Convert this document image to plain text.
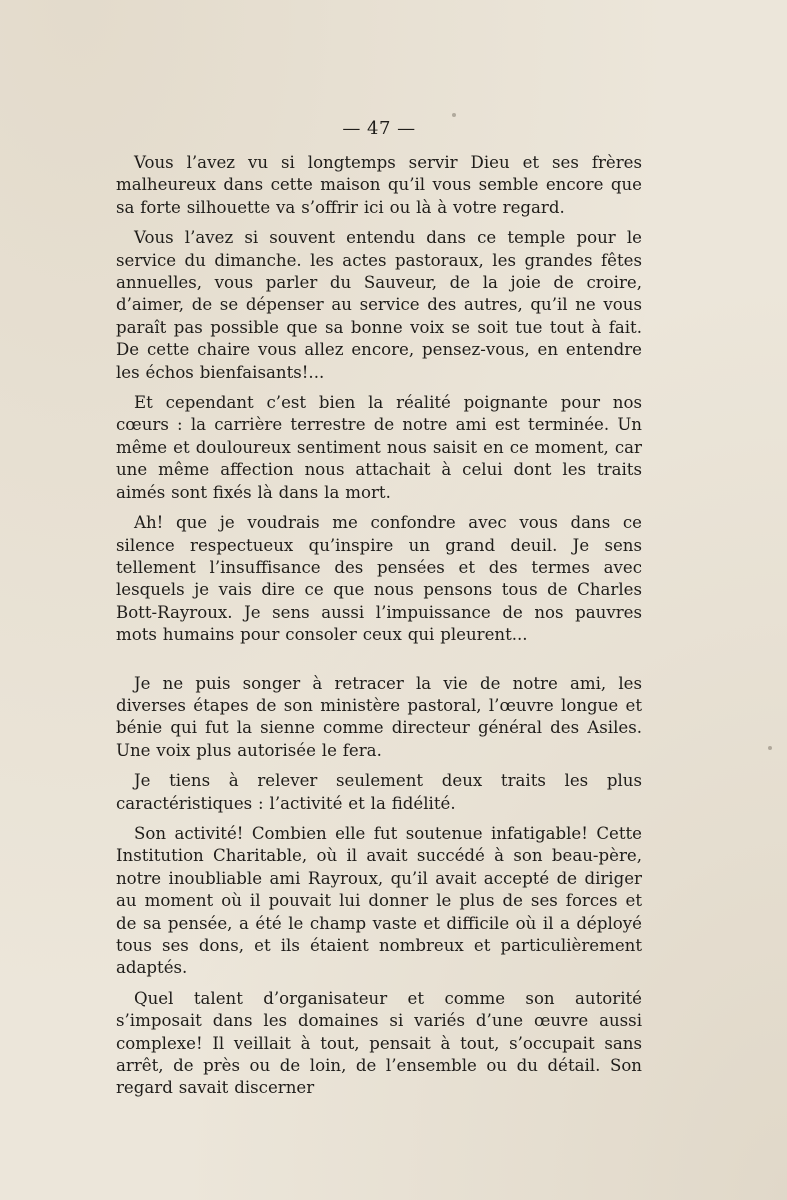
— 47 —

Vous l’avez vu si longtemps servir Dieu et ses frères malheureux dans cette maison qu’il vous semble encore que sa forte silhouette va s’offrir ici ou là à votre regard.

Vous l’avez si souvent entendu dans ce temple pour le service du dimanche. les actes pastoraux, les grandes fêtes annuelles, vous parler du Sauveur, de la joie de croire, d’aimer, de se dépenser au service des autres, qu’il ne vous paraît pas possible que sa bonne voix se soit tue tout à fait. De cette chaire vous allez encore, pensez-vous, en entendre les échos bienfaisants!...

Et cependant c’est bien la réalité poignante pour nos cœurs : la carrière terrestre de notre ami est terminée. Un même et douloureux sentiment nous saisit en ce moment, car une même affection nous attachait à celui dont les traits aimés sont fixés là dans la mort.

Ah! que je voudrais me confondre avec vous dans ce silence respectueux qu’inspire un grand deuil. Je sens tellement l’insuffisance des pensées et des termes avec lesquels je vais dire ce que nous pensons tous de Charles Bott-Rayroux. Je sens aussi l’impuissance de nos pauvres mots humains pour consoler ceux qui pleurent...

Je ne puis songer à retracer la vie de notre ami, les diverses étapes de son ministère pastoral, l’œuvre longue et bénie qui fut la sienne comme directeur général des Asiles. Une voix plus autorisée le fera.

Je tiens à relever seulement deux traits les plus caractéristiques : l’activité et la fidélité.

Son activité! Combien elle fut soutenue infatigable! Cette Institution Charitable, où il avait succédé à son beau-père, notre inoubliable ami Rayroux, qu’il avait accepté de diriger au moment où il pouvait lui donner le plus de ses forces et de sa pensée, a été le champ vaste et difficile où il a déployé tous ses dons, et ils étaient nombreux et particulièrement adaptés.

Quel talent d’organisateur et comme son autorité s’imposait dans les domaines si variés d’une œuvre aussi complexe! Il veillait à tout, pensait à tout, s’occupait sans arrêt, de près ou de loin, de l’ensemble ou du détail. Son regard savait discerner
